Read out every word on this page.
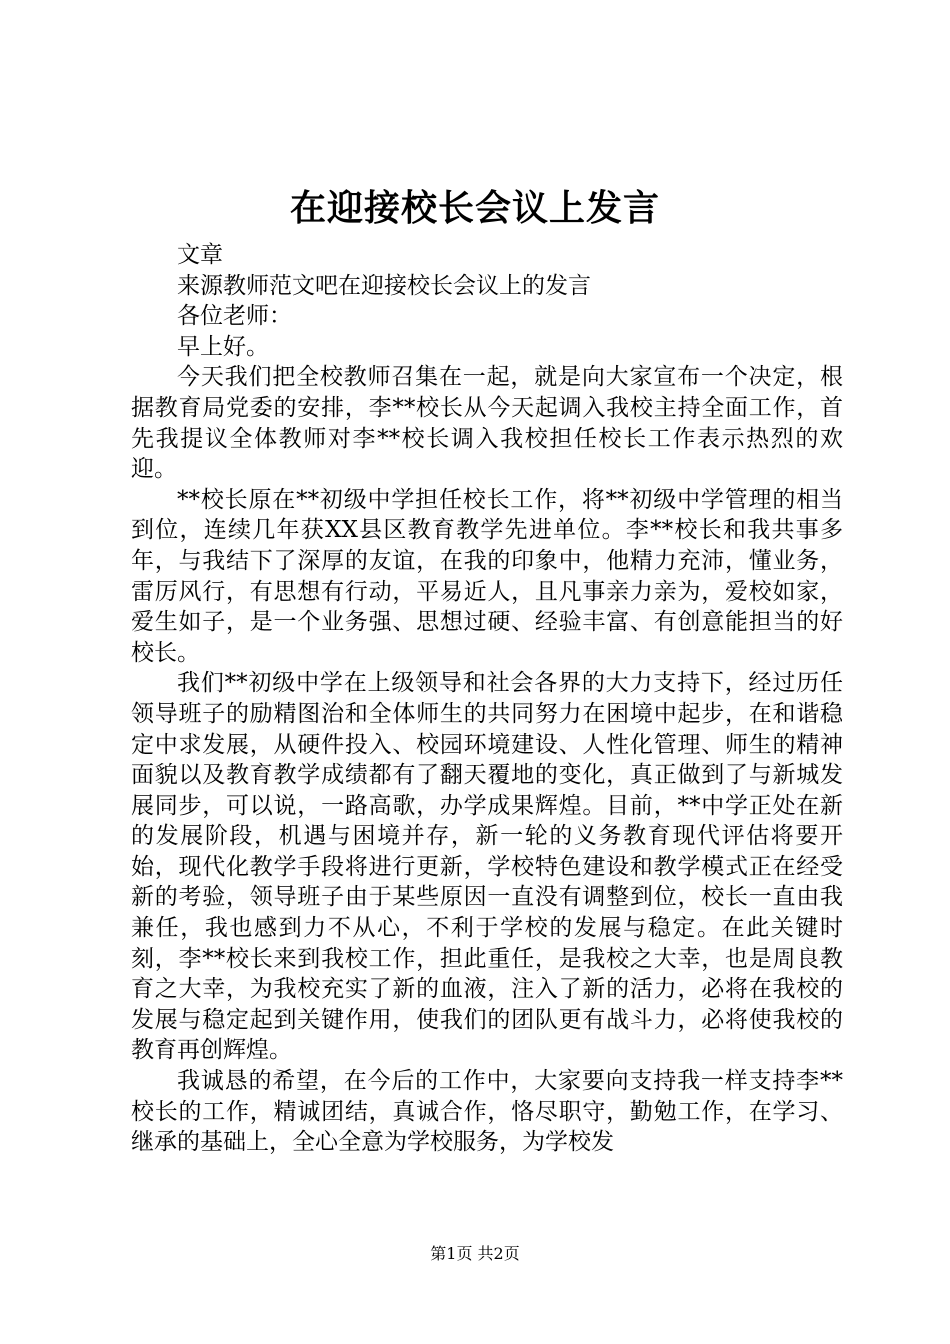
在迎接校长会议上发言

文章

来源教师范文吧在迎接校长会议上的发言

各位老师：

早上好。

今天我们把全校教师召集在一起，就是向大家宣布一个决定，根据教育局党委的安排，李**校长从今天起调入我校主持全面工作，首先我提议全体教师对李**校长调入我校担任校长工作表示热烈的欢迎。

**校长原在**初级中学担任校长工作，将**初级中学管理的相当到位，连续几年获XX县区教育教学先进单位。李**校长和我共事多年，与我结下了深厚的友谊，在我的印象中，他精力充沛，懂业务，雷厉风行，有思想有行动，平易近人，且凡事亲力亲为，爱校如家，爱生如子，是一个业务强、思想过硬、经验丰富、有创意能担当的好校长。

我们**初级中学在上级领导和社会各界的大力支持下，经过历任领导班子的励精图治和全体师生的共同努力在困境中起步，在和谐稳定中求发展，从硬件投入、校园环境建设、人性化管理、师生的精神面貌以及教育教学成绩都有了翻天覆地的变化，真正做到了与新城发展同步，可以说，一路高歌，办学成果辉煌。目前，**中学正处在新的发展阶段，机遇与困境并存，新一轮的义务教育现代评估将要开始，现代化教学手段将进行更新，学校特色建设和教学模式正在经受新的考验，领导班子由于某些原因一直没有调整到位，校长一直由我兼任，我也感到力不从心，不利于学校的发展与稳定。在此关键时刻，李**校长来到我校工作，担此重任，是我校之大幸，也是周良教育之大幸，为我校充实了新的血液，注入了新的活力，必将在我校的发展与稳定起到关键作用，使我们的团队更有战斗力，必将使我校的教育再创辉煌。

我诚恳的希望，在今后的工作中，大家要向支持我一样支持李**校长的工作，精诚团结，真诚合作，恪尽职守，勤勉工作，在学习、继承的基础上，全心全意为学校服务，为学校发

第1页 共2页
